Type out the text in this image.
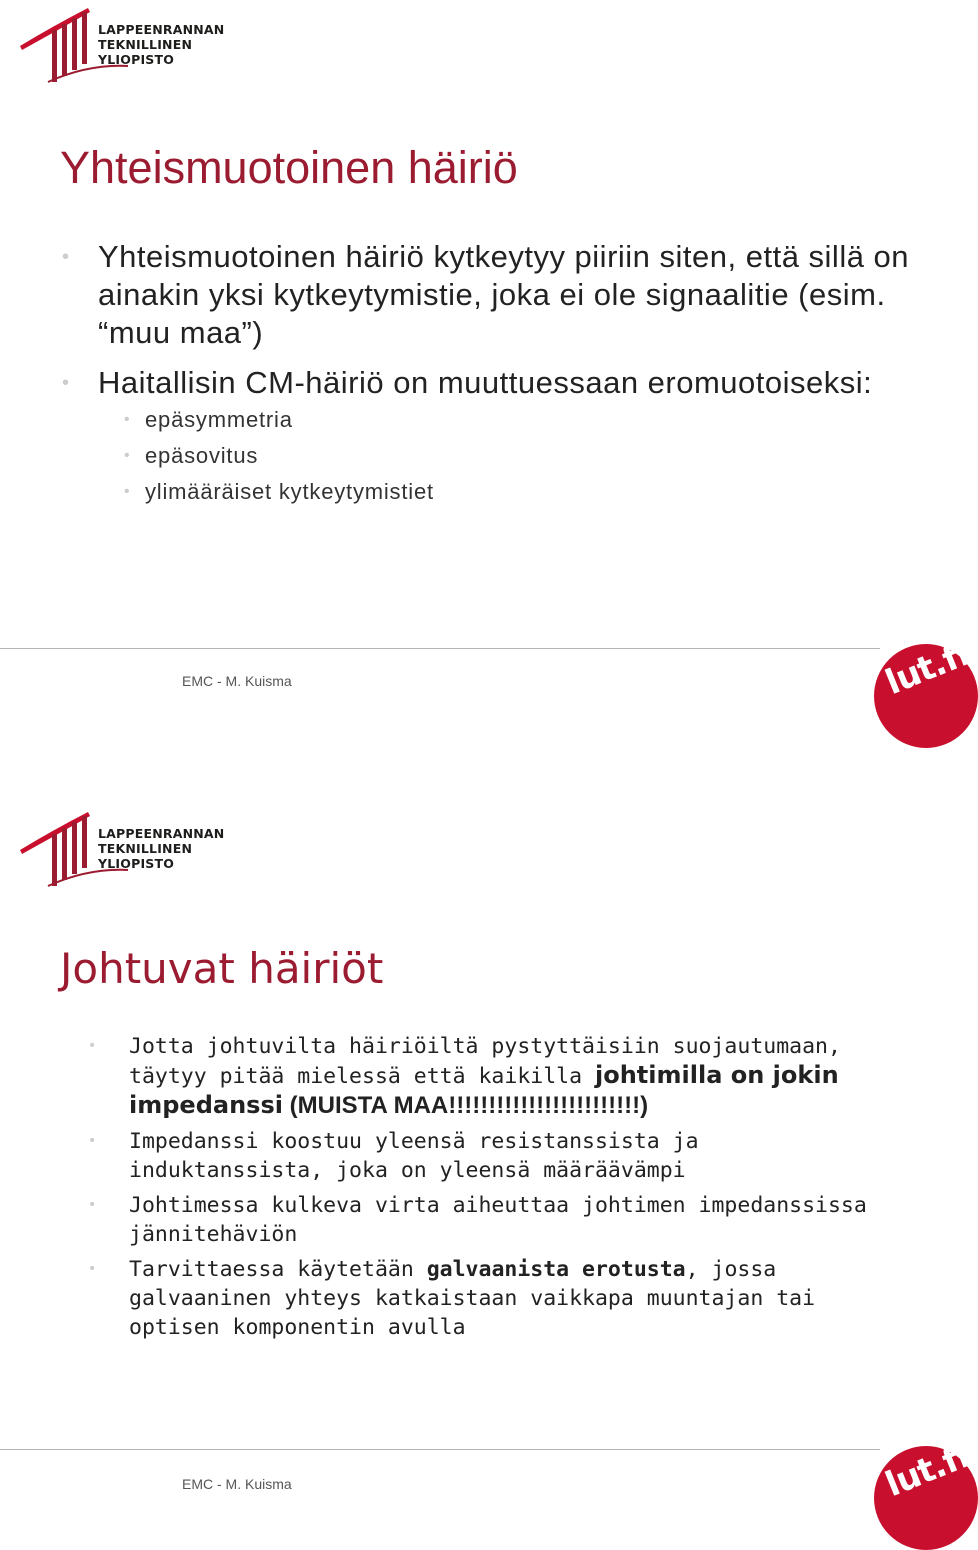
LAPPEENRANNAN
TEKNILLINEN YLIOPISTO
Yhteismuotoinen häiriö
• Yhteismuotoinen häiriö kytkeytyy piiriin siten, että sillä on ainakin yksi kytkeytymistie, joka ei ole signaalitie (esim. “muu maa”)
• Haitallisin CM-häiriö on muuttuessaan eromuotoiseksi:
• epäsymmetria
• epäsovitus
• ylimääräiset kytkeytymistiet
EMC - M. Kuisma	lut.fi
LAPPEENRANNAN
TEKNILLINEN YLIOPISTO
Johtuvat häiriöt
• Jotta johtuvilta häiriöiltä pystyttäisiin suojautumaan, täytyy pitää mielessä että kaikilla johtimilla on jokin impedanssi (MUISTA MAA!!!!!!!!!!!!!!!!!!!!!!!!)
• Impedanssi koostuu yleensä resistanssista ja induktanssista, joka on yleensä määräävämpi
• Johtimessa kulkeva virta aiheuttaa johtimen impedanssissa jännitehäviön
• Tarvittaessa käytetään galvaanista erotusta, jossa galvaaninen yhteys katkaistaan vaikkapa muuntajan tai optisen komponentin avulla
EMC - M. Kuisma	lut.fi
